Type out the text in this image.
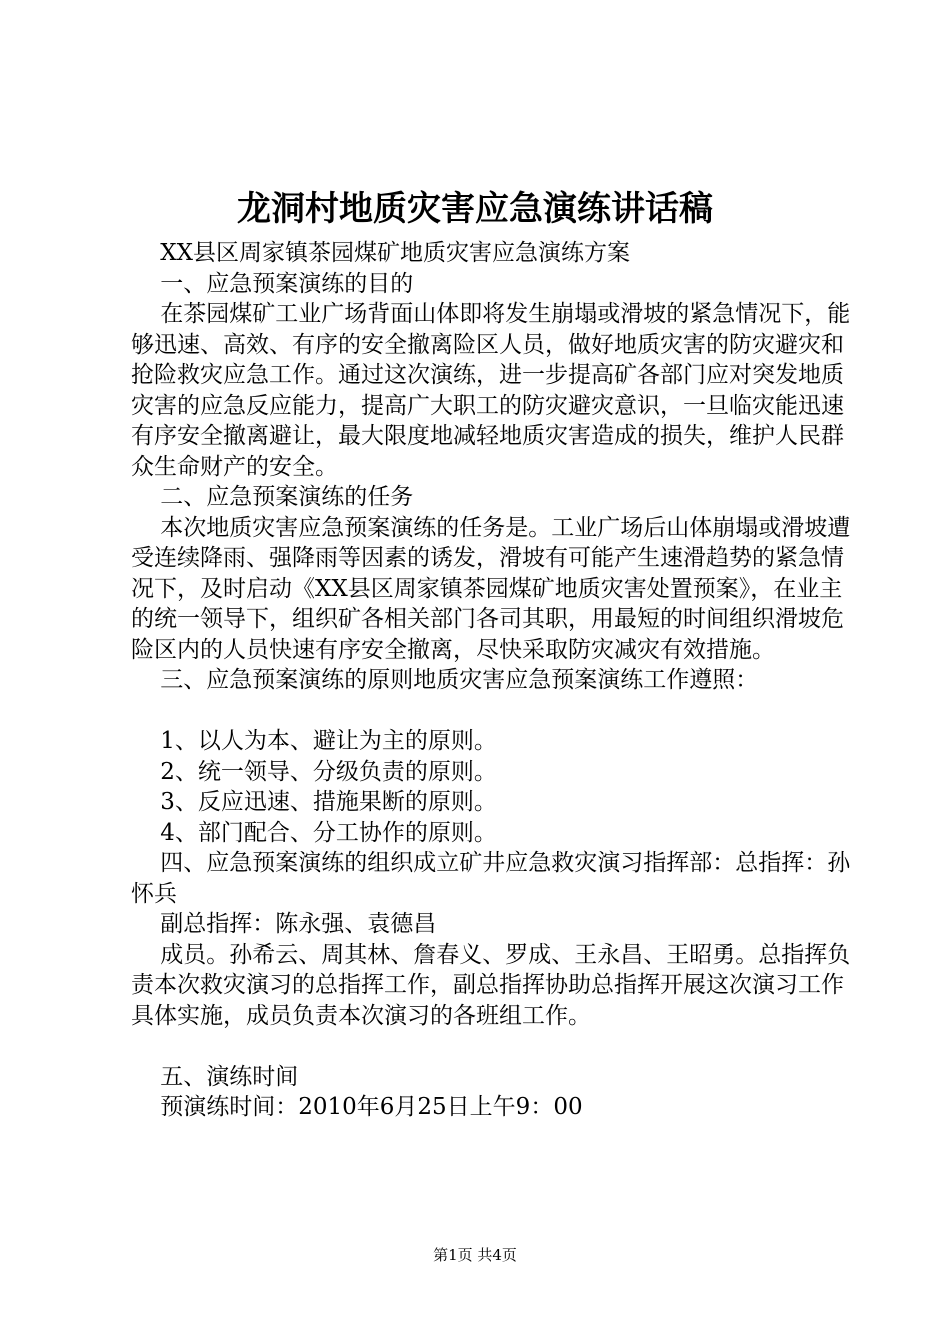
龙洞村地质灾害应急演练讲话稿

XX县区周家镇茶园煤矿地质灾害应急演练方案

一、应急预案演练的目的

在茶园煤矿工业广场背面山体即将发生崩塌或滑坡的紧急情况下，能够迅速、高效、有序的安全撤离险区人员，做好地质灾害的防灾避灾和抢险救灾应急工作。通过这次演练，进一步提高矿各部门应对突发地质灾害的应急反应能力，提高广大职工的防灾避灾意识，一旦临灾能迅速有序安全撤离避让，最大限度地减轻地质灾害造成的损失，维护人民群众生命财产的安全。

二、应急预案演练的任务

本次地质灾害应急预案演练的任务是。工业广场后山体崩塌或滑坡遭受连续降雨、强降雨等因素的诱发，滑坡有可能产生速滑趋势的紧急情况下，及时启动《XX县区周家镇茶园煤矿地质灾害处置预案》，在业主的统一领导下，组织矿各相关部门各司其职，用最短的时间组织滑坡危险区内的人员快速有序安全撤离，尽快采取防灾减灾有效措施。

三、应急预案演练的原则地质灾害应急预案演练工作遵照：

1、以人为本、避让为主的原则。

2、统一领导、分级负责的原则。

3、反应迅速、措施果断的原则。

4、部门配合、分工协作的原则。

四、应急预案演练的组织成立矿井应急救灾演习指挥部：总指挥：孙怀兵

副总指挥：陈永强、袁德昌

成员。孙希云、周其林、詹春义、罗成、王永昌、王昭勇。总指挥负责本次救灾演习的总指挥工作，副总指挥协助总指挥开展这次演习工作具体实施，成员负责本次演习的各班组工作。

五、演练时间

预演练时间：2010年6月25日上午9：00

第1页 共4页
